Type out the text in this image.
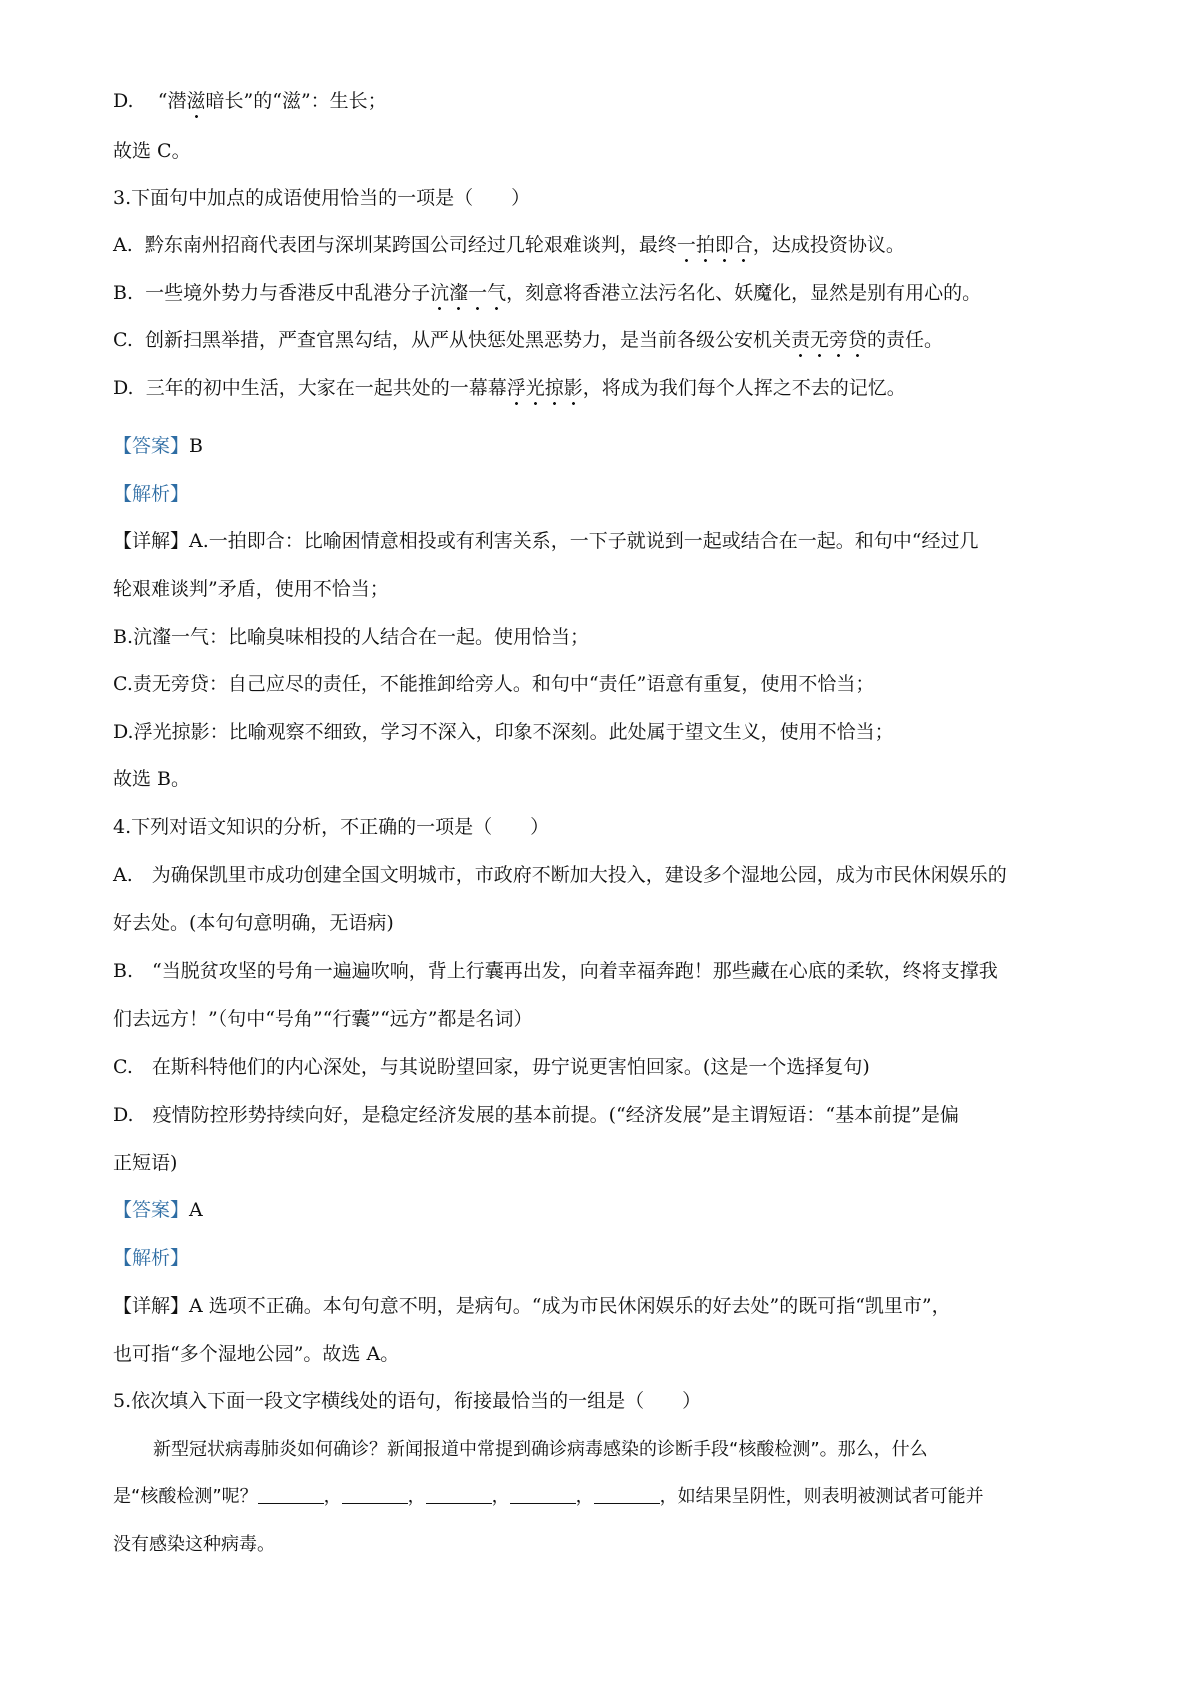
D. “潜滋暗长”的“滋”：生长；
故选 C。
3.下面句中加点的成语使用恰当的一项是（　　）
A. 黔东南州招商代表团与深圳某跨国公司经过几轮艰难谈判，最终一拍即合，达成投资协议。
B. 一些境外势力与香港反中乱港分子沆瀣一气，刻意将香港立法污名化、妖魔化，显然是别有用心的。
C. 创新扫黑举措，严查官黑勾结，从严从快惩处黑恶势力，是当前各级公安机关责无旁贷的责任。
D. 三年的初中生活，大家在一起共处的一幕幕浮光掠影，将成为我们每个人挥之不去的记忆。
【答案】B
【解析】
【详解】A.一拍即合：比喻困情意相投或有利害关系，一下子就说到一起或结合在一起。和句中“经过几
轮艰难谈判”矛盾，使用不恰当；
B.沆瀣一气：比喻臭味相投的人结合在一起。使用恰当；
C.责无旁贷：自己应尽的责任，不能推卸给旁人。和句中“责任”语意有重复，使用不恰当；
D.浮光掠影：比喻观察不细致，学习不深入，印象不深刻。此处属于望文生义，使用不恰当；
故选 B。
4.下列对语文知识的分析，不正确的一项是（　　）
A.　为确保凯里市成功创建全国文明城市，市政府不断加大投入，建设多个湿地公园，成为市民休闲娱乐的
好去处。(本句句意明确，无语病)
B.　“当脱贫攻坚的号角一遍遍吹响，背上行囊再出发，向着幸福奔跑！那些藏在心底的柔软，终将支撑我
们去远方！”（句中“号角”“行囊”“远方”都是名词）
C.　在斯科特他们的内心深处，与其说盼望回家，毋宁说更害怕回家。(这是一个选择复句)
D.　疫情防控形势持续向好，是稳定经济发展的基本前提。(“经济发展”是主谓短语：“基本前提”是偏
正短语)
【答案】A
【解析】
【详解】A 选项不正确。本句句意不明，是病句。“成为市民休闲娱乐的好去处”的既可指“凯里市”，
也可指“多个湿地公园”。故选 A。
5.依次填入下面一段文字横线处的语句，衔接最恰当的一组是（　　）
新型冠状病毒肺炎如何确诊？新闻报道中常提到确诊病毒感染的诊断手段“核酸检测”。那么，什么
是“核酸检测”呢？	，	，	，	，	，如结果呈阴性，则表明被测试者可能并
没有感染这种病毒。
